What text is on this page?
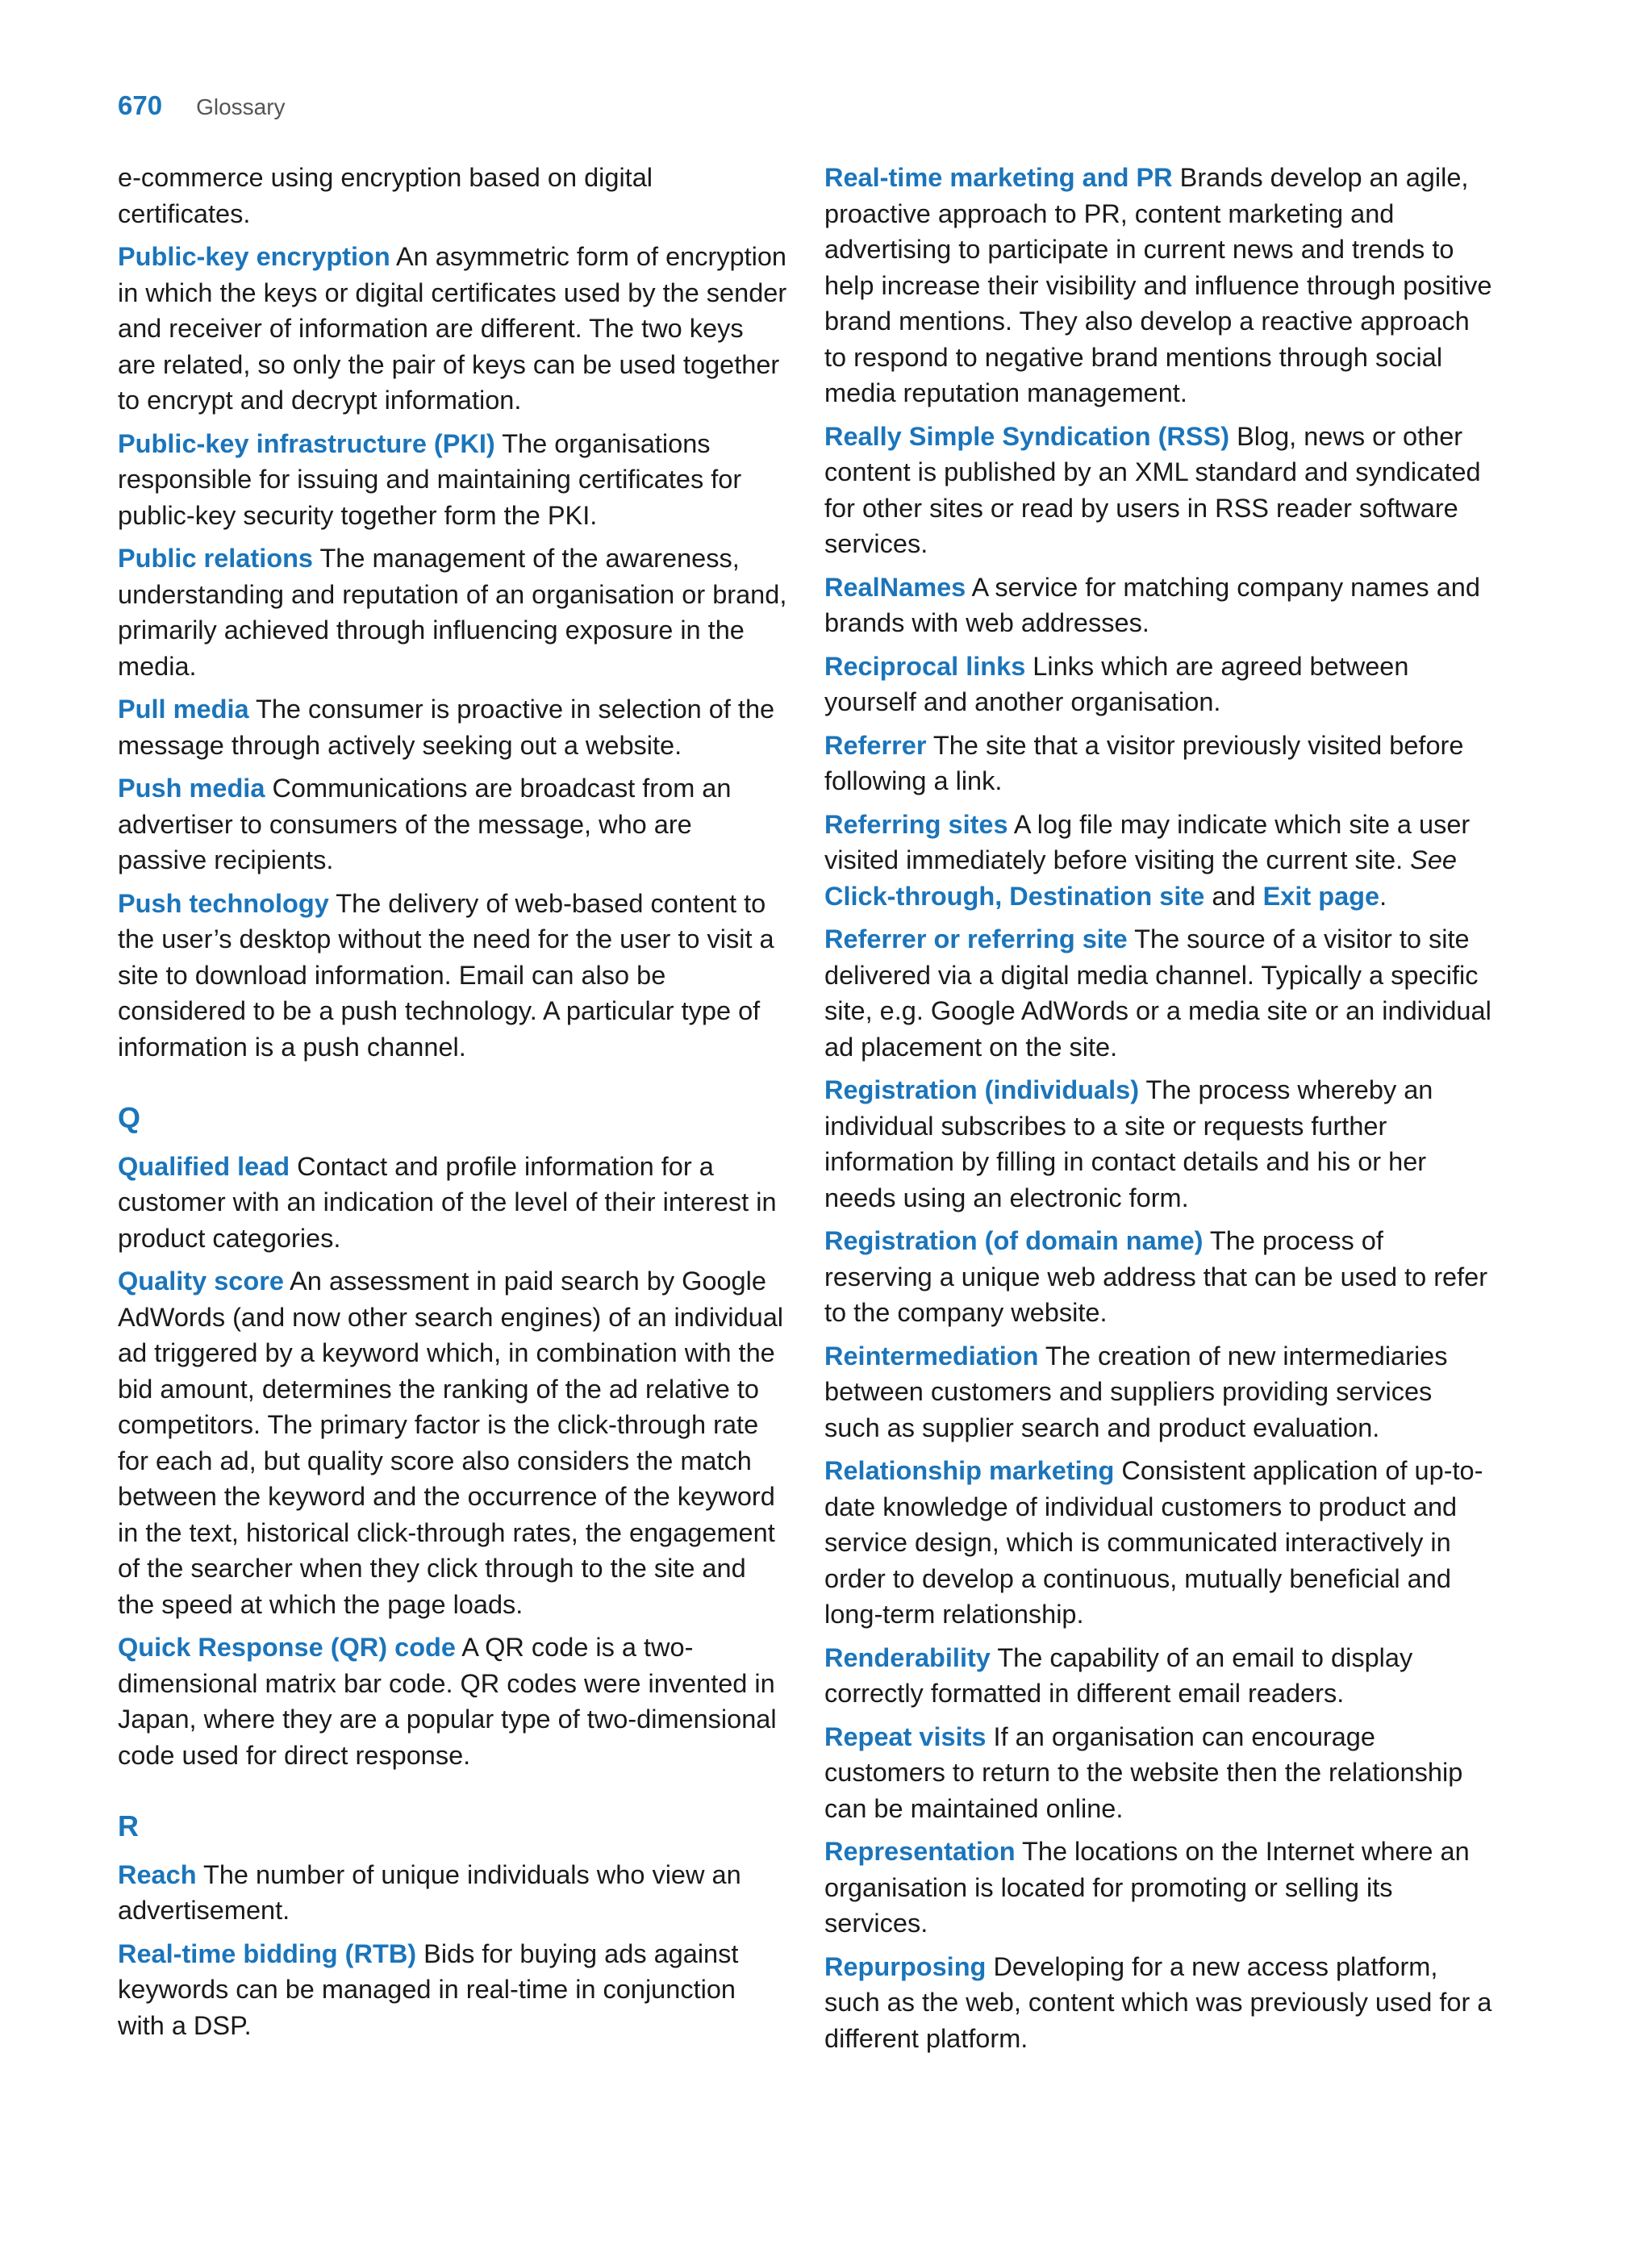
670 Glossary

e-commerce using encryption based on digital certificates.

Public-key encryption An asymmetric form of encryption in which the keys or digital certificates used by the sender and receiver of information are different. The two keys are related, so only the pair of keys can be used together to encrypt and decrypt information.

Public-key infrastructure (PKI) The organisations responsible for issuing and maintaining certificates for public-key security together form the PKI.

Public relations The management of the awareness, understanding and reputation of an organisation or brand, primarily achieved through influencing exposure in the media.

Pull media The consumer is proactive in selection of the message through actively seeking out a website.

Push media Communications are broadcast from an advertiser to consumers of the message, who are passive recipients.

Push technology The delivery of web-based content to the user’s desktop without the need for the user to visit a site to download information. Email can also be considered to be a push technology. A particular type of information is a push channel.

Q

Qualified lead Contact and profile information for a customer with an indication of the level of their interest in product categories.

Quality score An assessment in paid search by Google AdWords (and now other search engines) of an individual ad triggered by a keyword which, in combination with the bid amount, determines the ranking of the ad relative to competitors. The primary factor is the click-through rate for each ad, but quality score also considers the match between the keyword and the occurrence of the keyword in the text, historical click-through rates, the engagement of the searcher when they click through to the site and the speed at which the page loads.

Quick Response (QR) code A QR code is a two-dimensional matrix bar code. QR codes were invented in Japan, where they are a popular type of two-dimensional code used for direct response.

R

Reach The number of unique individuals who view an advertisement.

Real-time bidding (RTB) Bids for buying ads against keywords can be managed in real-time in conjunction with a DSP.

Real-time marketing and PR Brands develop an agile, proactive approach to PR, content marketing and advertising to participate in current news and trends to help increase their visibility and influence through positive brand mentions. They also develop a reactive approach to respond to negative brand mentions through social media reputation management.

Really Simple Syndication (RSS) Blog, news or other content is published by an XML standard and syndicated for other sites or read by users in RSS reader software services.

RealNames A service for matching company names and brands with web addresses.

Reciprocal links Links which are agreed between yourself and another organisation.

Referrer The site that a visitor previously visited before following a link.

Referring sites A log file may indicate which site a user visited immediately before visiting the current site. See Click-through, Destination site and Exit page.

Referrer or referring site The source of a visitor to site delivered via a digital media channel. Typically a specific site, e.g. Google AdWords or a media site or an individual ad placement on the site.

Registration (individuals) The process whereby an individual subscribes to a site or requests further information by filling in contact details and his or her needs using an electronic form.

Registration (of domain name) The process of reserving a unique web address that can be used to refer to the company website.

Reintermediation The creation of new intermediaries between customers and suppliers providing services such as supplier search and product evaluation.

Relationship marketing Consistent application of up-to-date knowledge of individual customers to product and service design, which is communicated interactively in order to develop a continuous, mutually beneficial and long-term relationship.

Renderability The capability of an email to display correctly formatted in different email readers.

Repeat visits If an organisation can encourage customers to return to the website then the relationship can be maintained online.

Representation The locations on the Internet where an organisation is located for promoting or selling its services.

Repurposing Developing for a new access platform, such as the web, content which was previously used for a different platform.
